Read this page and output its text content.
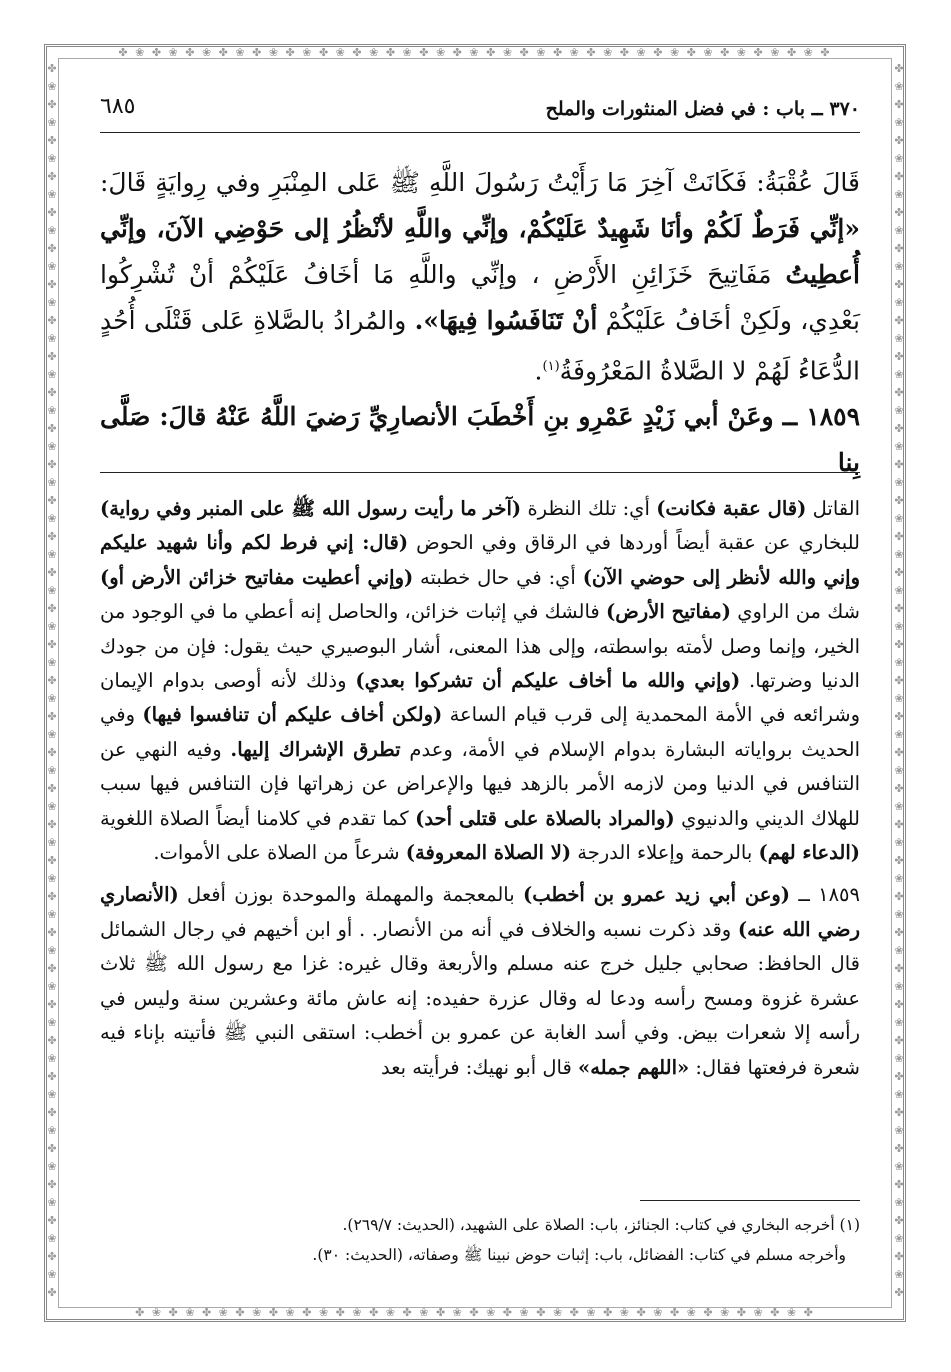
✤ ❀ ✤ ❀ ✤ ❀ ✤ ❀ ✤ ❀ ✤ ❀ ✤ ❀ ✤ ❀ ✤ ❀ ✤ ❀ ✤ ❀ ✤ ❀ ✤ ❀ ✤ ❀ ✤ ❀ ✤ ❀ ✤ ❀ ✤ ❀ ✤ ❀ ✤ ❀ ✤ ❀ ✤
✤ ❀ ✤ ❀ ✤ ❀ ✤ ❀ ✤ ❀ ✤ ❀ ✤ ❀ ✤ ❀ ✤ ❀ ✤ ❀ ✤ ❀ ✤ ❀ ✤ ❀ ✤ ❀ ✤ ❀ ✤ ❀ ✤ ❀ ✤ ❀ ✤ ❀ ✤ ❀ ✤
✤
❀
✤
❀
✤
❀
✤
❀
✤
❀
✤
❀
✤
❀
✤
❀
✤
❀
✤
❀
✤
❀
✤
❀
✤
❀
✤
❀
✤
❀
✤
❀
✤
❀
✤
❀
✤
❀
✤
❀
✤
❀
✤
❀
✤
❀
✤
❀
✤
❀
✤
❀
✤
❀
✤
❀
✤
❀
✤
❀
✤
❀
✤
❀
✤
❀
✤
❀
✤
✤
❀
✤
❀
✤
❀
✤
❀
✤
❀
✤
❀
✤
❀
✤
❀
✤
❀
✤
❀
✤
❀
✤
❀
✤
❀
✤
❀
✤
❀
✤
❀
✤
❀
✤
❀
✤
❀
✤
❀
✤
❀
✤
❀
✤
❀
✤
❀
✤
❀
✤
❀
✤
❀
✤
❀
✤
❀
✤
❀
✤
❀
✤
❀
✤
❀
✤
❀
✤
٣٧٠ ــ باب : في فضل المنثورات والملح
٦٨٥

قَالَ عُقْبَةُ: فَكَانَتْ آخِرَ مَا رَأَيْتُ رَسُولَ اللَّهِ ﷺ عَلى المِنْبَرِ وفي رِوايَةٍ قَالَ: «إنِّي فَرَطٌ لَكُمْ وأنَا شَهِيدٌ عَلَيْكُمْ، وإنِّي واللَّهِ لأنْظُرُ إلى حَوْضِي الآنَ، وإنِّي أُعطِيتُ مَفَاتِيحَ خَزَائِنِ الأَرْضِ ، وإنِّي واللَّهِ مَا أخَافُ عَلَيْكُمْ أنْ تُشْرِكُوا بَعْدِي، ولَكِنْ أخَافُ عَلَيْكُمْ أنْ تَنَافَسُوا فِيهَا». والمُرادُ بالصَّلاةِ عَلى قَتْلَى أُحُدٍ الدُّعَاءُ لَهُمْ لا الصَّلاةُ المَعْرُوفَةُ$^{(١)}$.

١٨٥٩ ــ وعَنْ أبي زَيْدٍ عَمْرِو بنِ أَخْطَبَ الأنصارِيِّ رَضيَ اللَّهُ عَنْهُ قالَ: صَلَّى بِنا

القاتل (قال عقبة فكانت) أي: تلك النظرة (آخر ما رأيت رسول الله ﷺ على المنبر وفي رواية) للبخاري عن عقبة أيضاً أوردها في الرقاق وفي الحوض (قال: إني فرط لكم وأنا شهيد عليكم وإني والله لأنظر إلى حوضي الآن) أي: في حال خطبته (وإني أعطيت مفاتيح خزائن الأرض أو) شك من الراوي (مفاتيح الأرض) فالشك في إثبات خزائن، والحاصل إنه أعطي ما في الوجود من الخير، وإنما وصل لأمته بواسطته، وإلى هذا المعنى، أشار البوصيري حيث يقول: فإن من جودك الدنيا وضرتها. (وإني والله ما أخاف عليكم أن تشركوا بعدي) وذلك لأنه أوصى بدوام الإيمان وشرائعه في الأمة المحمدية إلى قرب قيام الساعة (ولكن أخاف عليكم أن تنافسوا فيها) وفي الحديث برواياته البشارة بدوام الإسلام في الأمة، وعدم تطرق الإشراك إليها. وفيه النهي عن التنافس في الدنيا ومن لازمه الأمر بالزهد فيها والإعراض عن زهراتها فإن التنافس فيها سبب للهلاك الديني والدنيوي (والمراد بالصلاة على قتلى أحد) كما تقدم في كلامنا أيضاً الصلاة اللغوية (الدعاء لهم) بالرحمة وإعلاء الدرجة (لا الصلاة المعروفة) شرعاً من الصلاة على الأموات.

١٨٥٩ ــ (وعن أبي زيد عمرو بن أخطب) بالمعجمة والمهملة والموحدة بوزن أفعل (الأنصاري رضي الله عنه) وقد ذكرت نسبه والخلاف في أنه من الأنصار. . أو ابن أخيهم في رجال الشمائل قال الحافظ: صحابي جليل خرج عنه مسلم والأربعة وقال غيره: غزا مع رسول الله ﷺ ثلاث عشرة غزوة ومسح رأسه ودعا له وقال عزرة حفيده: إنه عاش مائة وعشرين سنة وليس في رأسه إلا شعرات بيض. وفي أسد الغابة عن عمرو بن أخطب: استقى النبي ﷺ فأتيته بإناء فيه شعرة فرفعتها فقال: «اللهم جمله» قال أبو نهيك: فرأيته بعد

(١) أخرجه البخاري في كتاب: الجنائز، باب: الصلاة على الشهيد، (الحديث: ٢٦٩/٧).

وأخرجه مسلم في كتاب: الفضائل، باب: إثبات حوض نبينا ﷺ وصفاته، (الحديث: ٣٠).
